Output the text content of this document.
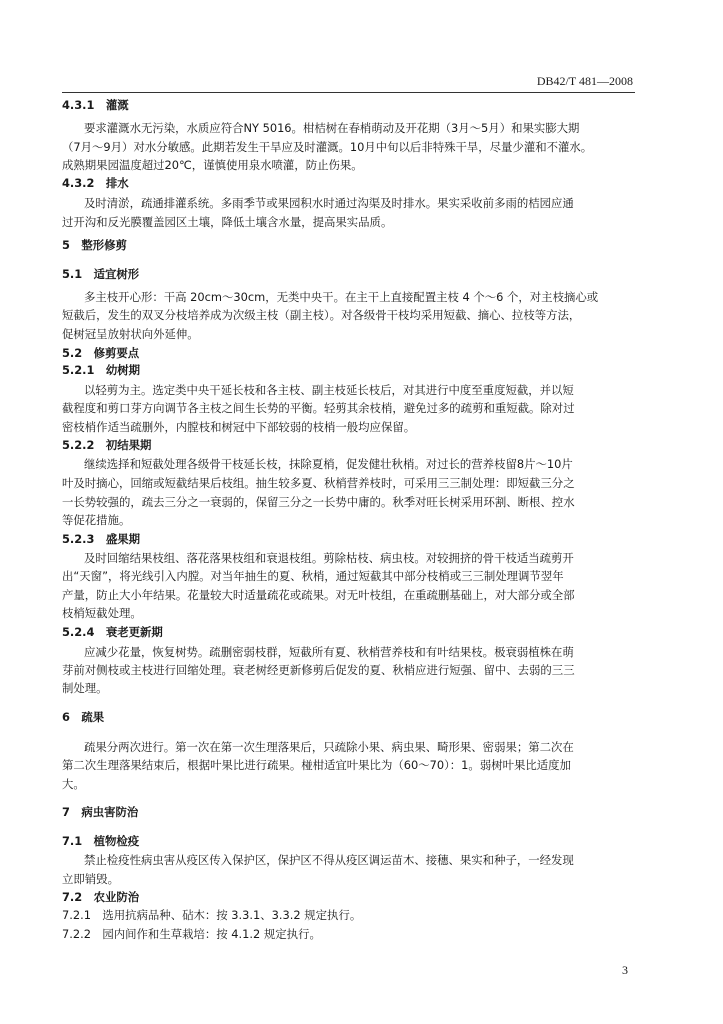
DB42/T 481—2008
4.3.1　灌溉
要求灌溉水无污染，水质应符合NY 5016。柑桔树在春梢萌动及开花期（3月～5月）和果实膨大期
（7月～9月）对水分敏感。此期若发生干旱应及时灌溉。10月中旬以后非特殊干旱，尽量少灌和不灌水。
成熟期果园温度超过20℃，谨慎使用泉水喷灌，防止伤果。
4.3.2　排水
及时清淤，疏通排灌系统。多雨季节或果园积水时通过沟渠及时排水。果实采收前多雨的桔园应通
过开沟和反光膜覆盖园区土壤，降低土壤含水量，提高果实品质。
5　整形修剪
5.1　适宜树形
多主枝开心形：干高 20cm～30cm，无类中央干。在主干上直接配置主枝 4 个～6 个，对主枝摘心或
短截后，发生的双叉分枝培养成为次级主枝（副主枝）。对各级骨干枝均采用短截、摘心、拉枝等方法，
促树冠呈放射状向外延伸。
5.2　修剪要点
5.2.1　幼树期
以轻剪为主。选定类中央干延长枝和各主枝、副主枝延长枝后，对其进行中度至重度短截，并以短
截程度和剪口芽方向调节各主枝之间生长势的平衡。轻剪其余枝梢，避免过多的疏剪和重短截。除对过
密枝梢作适当疏删外，内膛枝和树冠中下部较弱的枝梢一般均应保留。
5.2.2　初结果期
继续选择和短截处理各级骨干枝延长枝，抹除夏梢，促发健壮秋梢。对过长的营养枝留8片～10片
叶及时摘心，回缩或短截结果后枝组。抽生较多夏、秋梢营养枝时，可采用三三制处理：即短截三分之
一长势较强的，疏去三分之一衰弱的，保留三分之一长势中庸的。秋季对旺长树采用环割、断根、控水
等促花措施。
5.2.3　盛果期
及时回缩结果枝组、落花落果枝组和衰退枝组。剪除枯枝、病虫枝。对较拥挤的骨干枝适当疏剪开
出“天窗”，将光线引入内膛。对当年抽生的夏、秋梢，通过短截其中部分枝梢或三三制处理调节翌年
产量，防止大小年结果。花量较大时适量疏花或疏果。对无叶枝组，在重疏删基础上，对大部分或全部
枝梢短截处理。
5.2.4　衰老更新期
应减少花量，恢复树势。疏删密弱枝群，短截所有夏、秋梢营养枝和有叶结果枝。极衰弱植株在萌
芽前对侧枝或主枝进行回缩处理。衰老树经更新修剪后促发的夏、秋梢应进行短强、留中、去弱的三三
制处理。
6　疏果
疏果分两次进行。第一次在第一次生理落果后，只疏除小果、病虫果、畸形果、密弱果；第二次在
第二次生理落果结束后，根据叶果比进行疏果。椪柑适宜叶果比为（60～70）：1。弱树叶果比适度加
大。
7　病虫害防治
7.1　植物检疫
禁止检疫性病虫害从疫区传入保护区，保护区不得从疫区调运苗木、接穗、果实和种子，一经发现
立即销毁。
7.2　农业防治
7.2.1　选用抗病品种、砧木：按 3.3.1、3.3.2 规定执行。
7.2.2　园内间作和生草栽培：按 4.1.2 规定执行。
3
